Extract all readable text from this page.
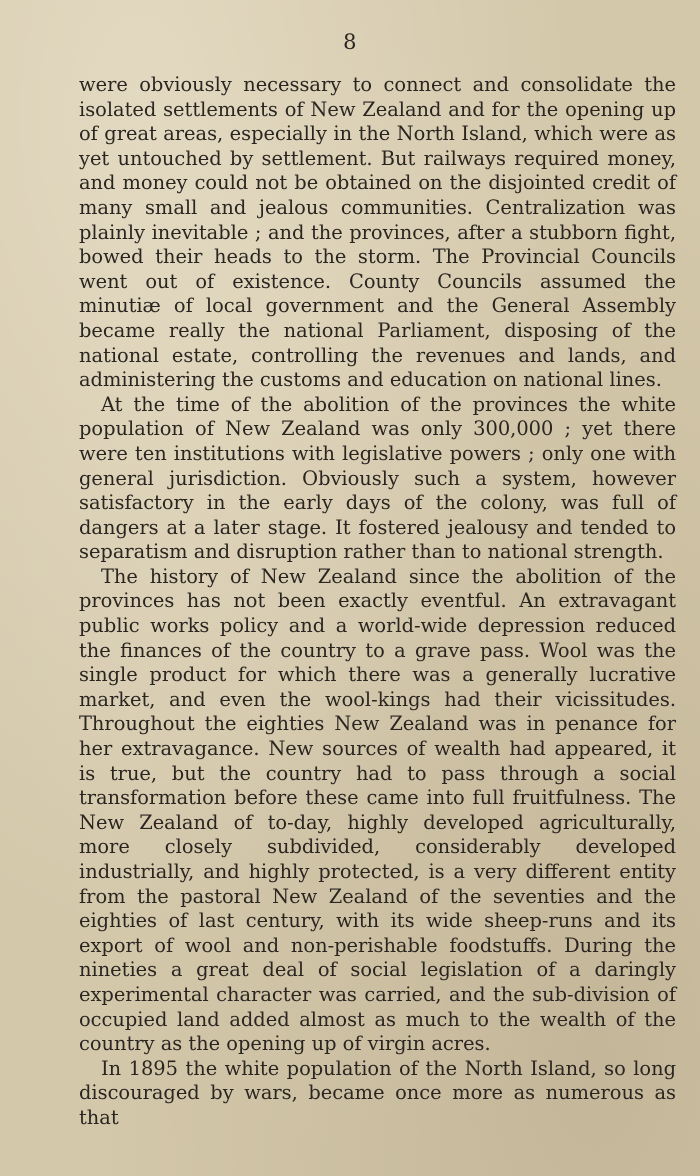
8

were obviously necessary to connect and consolidate the isolated settlements of New Zealand and for the opening up of great areas, especially in the North Island, which were as yet untouched by settlement. But railways required money, and money could not be obtained on the disjointed credit of many small and jealous communities. Centralization was plainly inevitable ; and the provinces, after a stubborn fight, bowed their heads to the storm. The Provincial Councils went out of existence. County Councils assumed the minutiæ of local government and the General Assembly became really the national Parliament, disposing of the national estate, controlling the revenues and lands, and administering the customs and education on national lines.

At the time of the abolition of the provinces the white population of New Zealand was only 300,000 ; yet there were ten institutions with legislative powers ; only one with general jurisdiction. Obviously such a system, however satisfactory in the early days of the colony, was full of dangers at a later stage. It fostered jealousy and tended to separatism and disruption rather than to national strength.

The history of New Zealand since the abolition of the provinces has not been exactly eventful. An extravagant public works policy and a world-wide depression reduced the finances of the country to a grave pass. Wool was the single product for which there was a generally lucrative market, and even the wool-kings had their vicissitudes. Throughout the eighties New Zealand was in penance for her extravagance. New sources of wealth had appeared, it is true, but the country had to pass through a social transformation before these came into full fruitfulness. The New Zealand of to-day, highly developed agriculturally, more closely subdivided, considerably developed industrially, and highly protected, is a very different entity from the pastoral New Zealand of the seventies and the eighties of last century, with its wide sheep-runs and its export of wool and non-perishable foodstuffs. During the nineties a great deal of social legislation of a daringly experimental character was carried, and the sub-division of occupied land added almost as much to the wealth of the country as the opening up of virgin acres.

In 1895 the white population of the North Island, so long discouraged by wars, became once more as numerous as that
